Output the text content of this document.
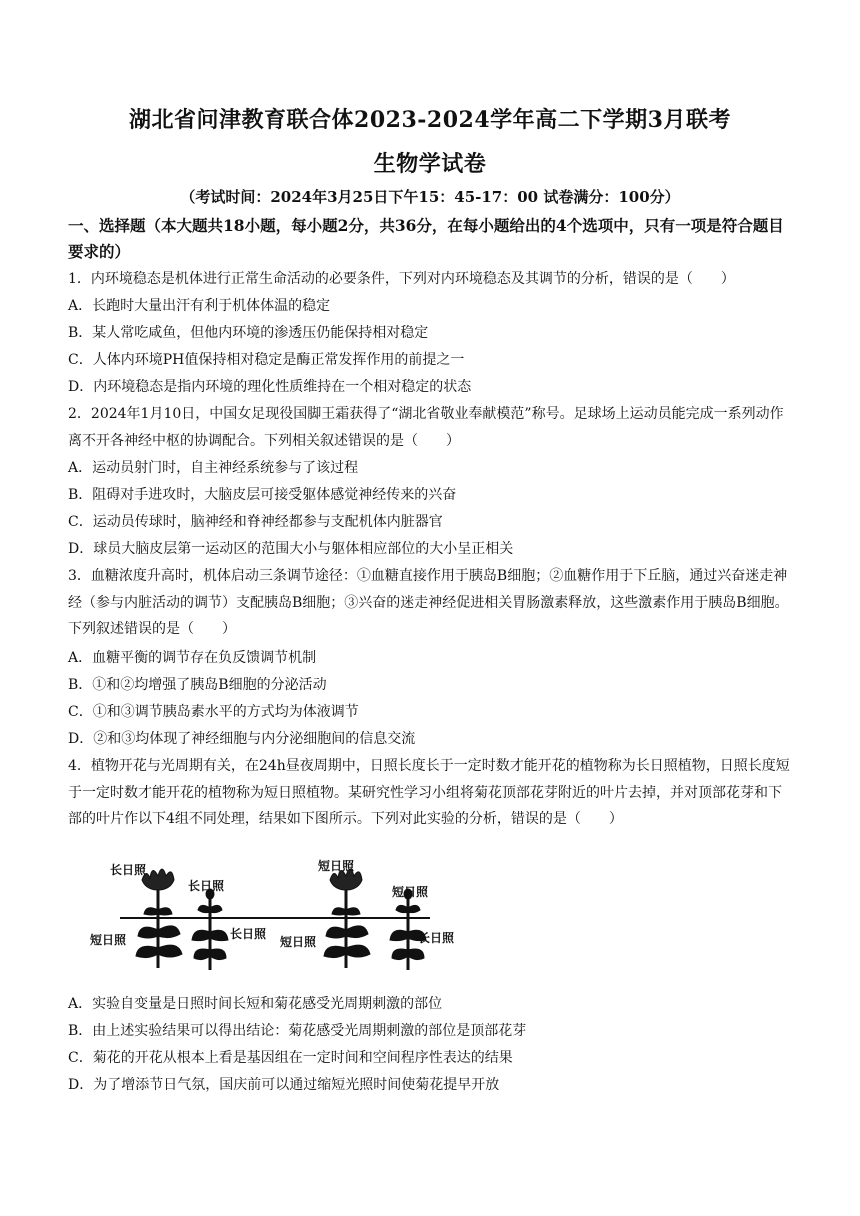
湖北省问津教育联合体2023-2024学年高二下学期3月联考
生物学试卷
（考试时间：2024年3月25日下午15：45-17：00 试卷满分：100分）
一、选择题（本大题共18小题，每小题2分，共36分，在每小题给出的4个选项中，只有一项是符合题目要求的）
1．内环境稳态是机体进行正常生命活动的必要条件，下列对内环境稳态及其调节的分析，错误的是（　　）
A．长跑时大量出汗有利于机体体温的稳定
B．某人常吃咸鱼，但他内环境的渗透压仍能保持相对稳定
C．人体内环境PH值保持相对稳定是酶正常发挥作用的前提之一
D．内环境稳态是指内环境的理化性质维持在一个相对稳定的状态
2．2024年1月10日，中国女足现役国脚王霜获得了“湖北省敬业奉献模范”称号。足球场上运动员能完成一系列动作离不开各神经中枢的协调配合。下列相关叙述错误的是（　　）
A．运动员射门时，自主神经系统参与了该过程
B．阻碍对手进攻时，大脑皮层可接受躯体感觉神经传来的兴奋
C．运动员传球时，脑神经和脊神经都参与支配机体内脏器官
D．球员大脑皮层第一运动区的范围大小与躯体相应部位的大小呈正相关
3．血糖浓度升高时，机体启动三条调节途径：①血糖直接作用于胰岛B细胞；②血糖作用于下丘脑，通过兴奋迷走神经（参与内脏活动的调节）支配胰岛B细胞；③兴奋的迷走神经促进相关胃肠激素释放，这些激素作用于胰岛B细胞。下列叙述错误的是（　　）
A．血糖平衡的调节存在负反馈调节机制
B．①和②均增强了胰岛B细胞的分泌活动
C．①和③调节胰岛素水平的方式均为体液调节
D．②和③均体现了神经细胞与内分泌细胞间的信息交流
4．植物开花与光周期有关，在24h昼夜周期中，日照长度长于一定时数才能开花的植物称为长日照植物，日照长度短于一定时数才能开花的植物称为短日照植物。某研究性学习小组将菊花顶部花芽附近的叶片去掉，并对顶部花芽和下部的叶片作以下4组不同处理，结果如下图所示。下列对此实验的分析，错误的是（　　）
长日照
短日照
长日照
长日照
短日照
短日照
短日照
长日照
A．实验自变量是日照时间长短和菊花感受光周期刺激的部位
B．由上述实验结果可以得出结论：菊花感受光周期刺激的部位是顶部花芽
C．菊花的开花从根本上看是基因组在一定时间和空间程序性表达的结果
D．为了增添节日气氛，国庆前可以通过缩短光照时间使菊花提早开放
